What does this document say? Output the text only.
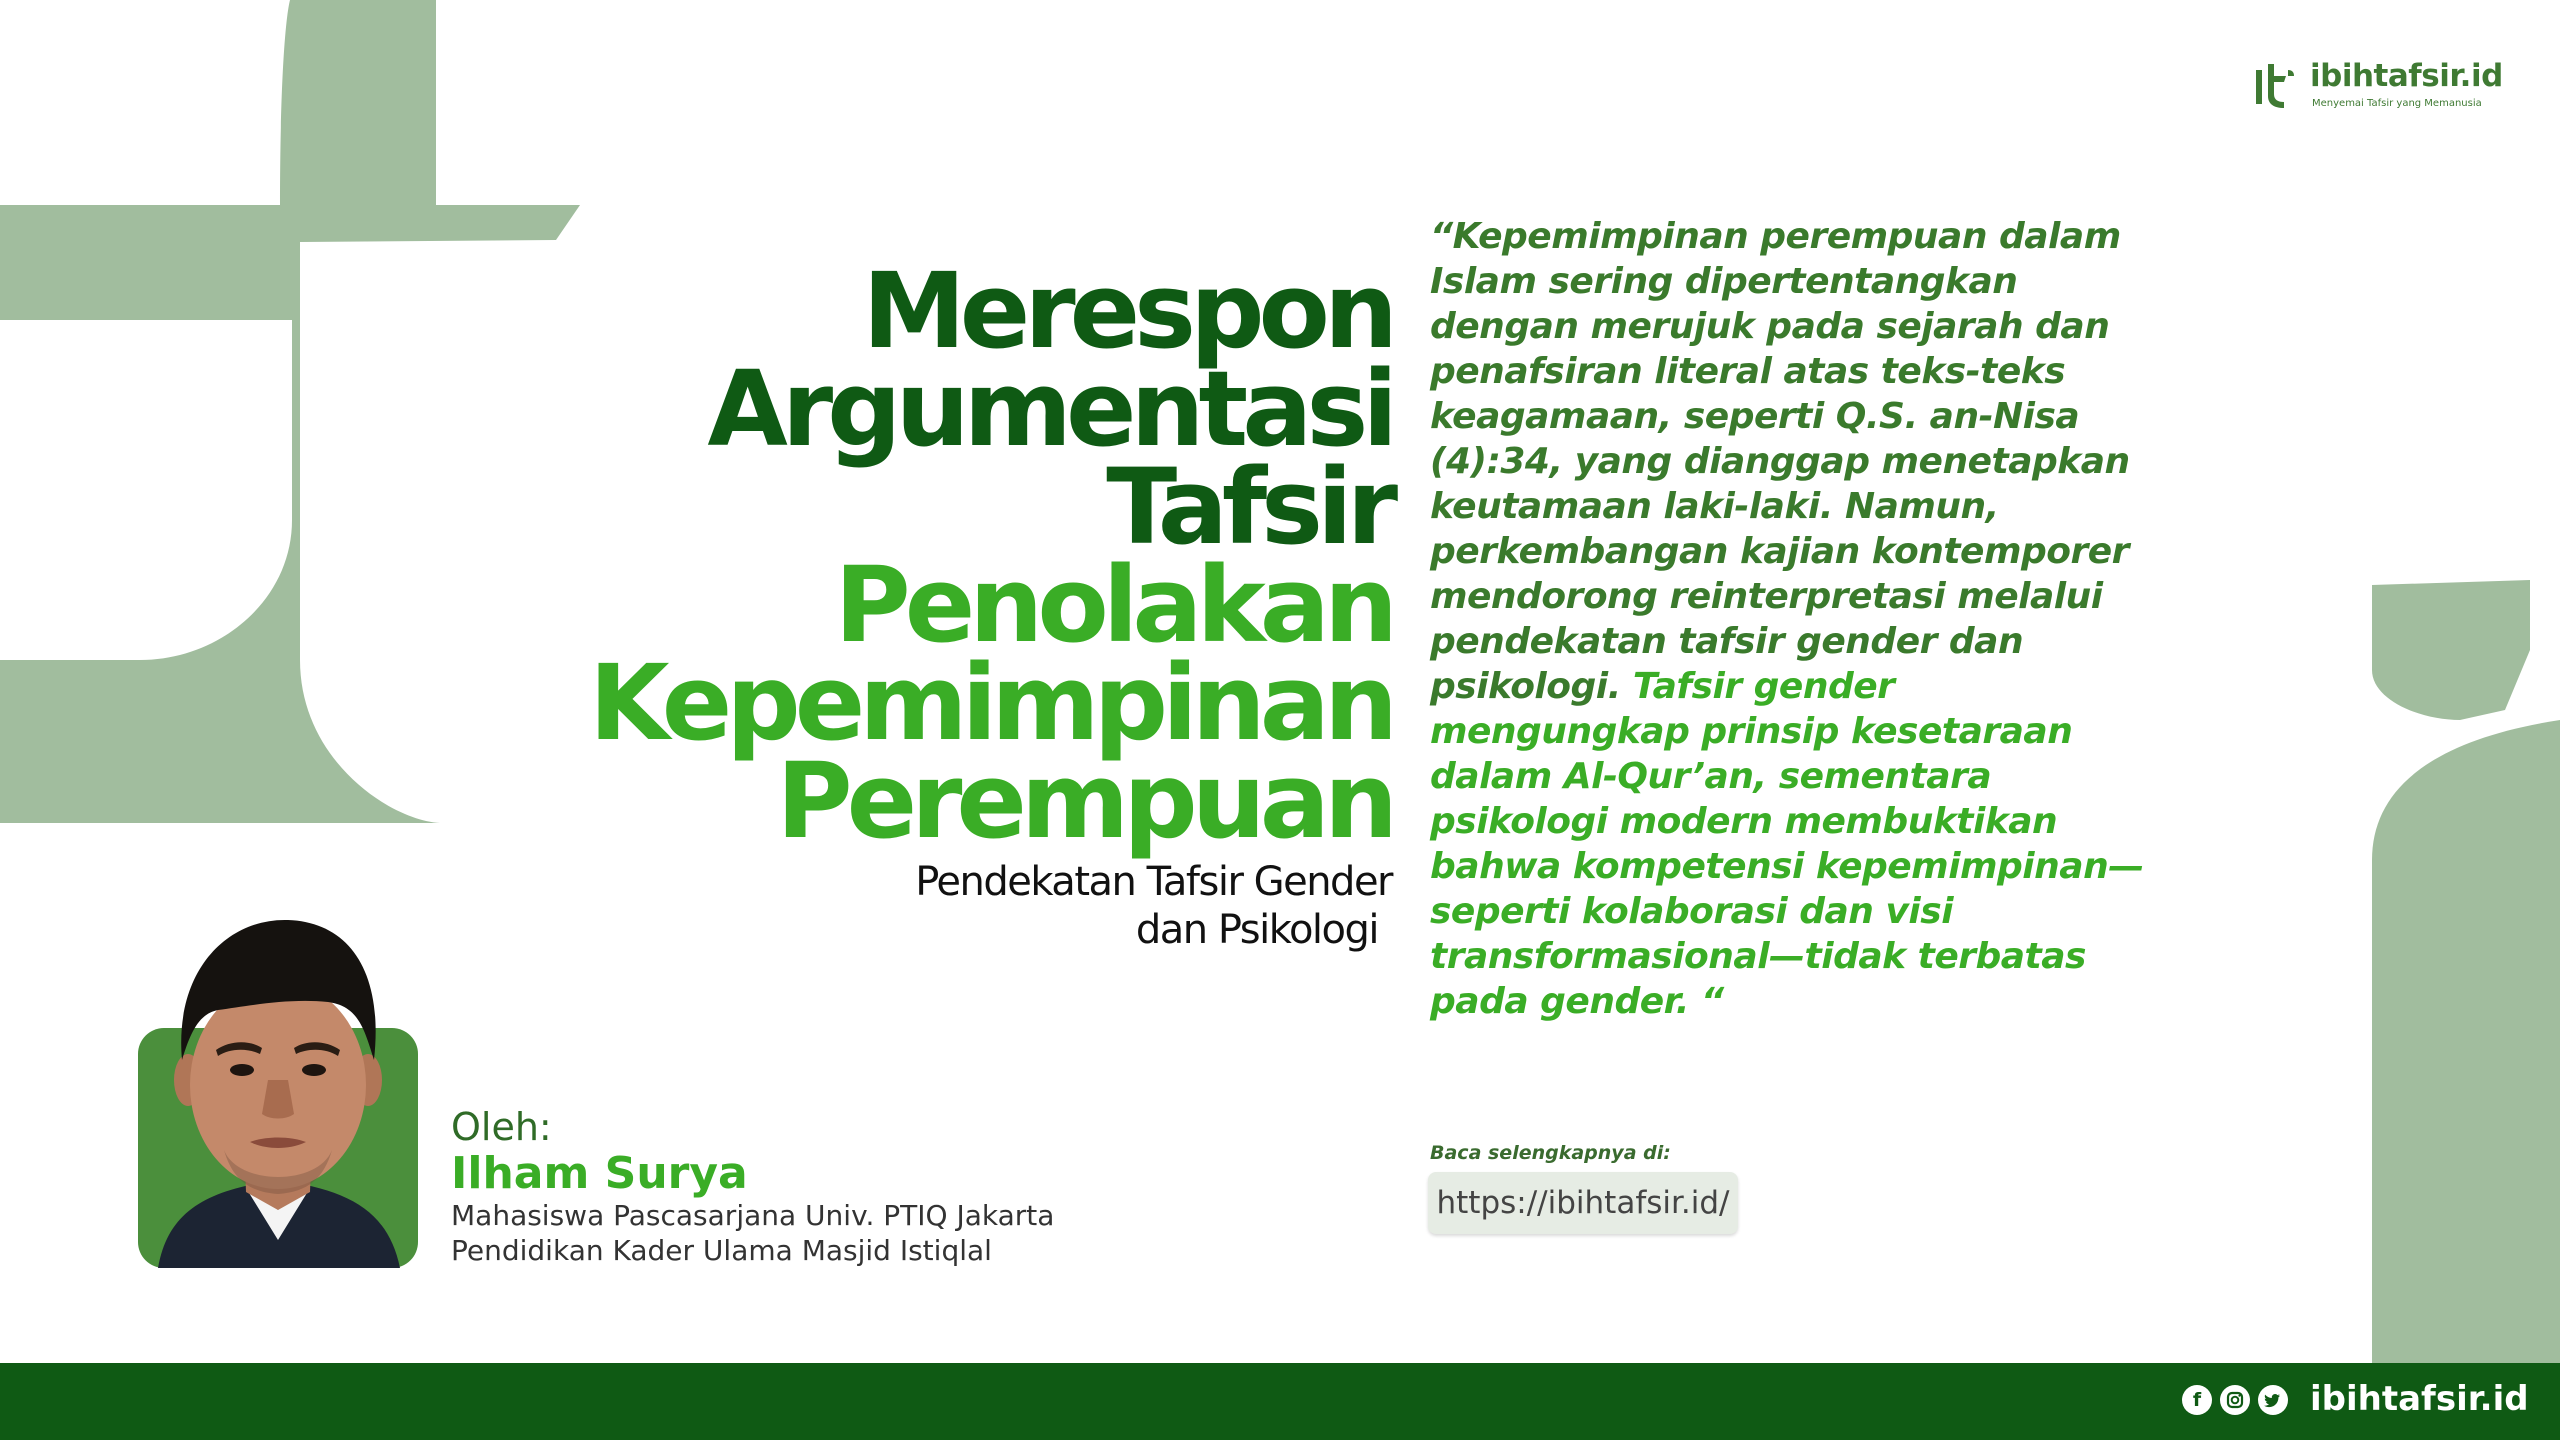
ibihtafsir.id
Menyemai Tafsir yang Memanusia
Merespon
Argumentasi
Tafsir
Penolakan
Kepemimpinan
Perempuan
Pendekatan Tafsir Gender
dan Psikologi
“Kepemimpinan perempuan dalam Islam sering dipertentangkan dengan merujuk pada sejarah dan penafsiran literal atas teks-teks keagamaan, seperti Q.S. an-Nisa (4):34, yang dianggap menetapkan keutamaan laki-laki. Namun, perkembangan kajian kontemporer mendorong reinterpretasi melalui pendekatan tafsir gender dan psikologi. Tafsir gender mengungkap prinsip kesetaraan dalam Al-Qur’an, sementara psikologi modern membuktikan bahwa kompetensi kepemimpinan—seperti kolaborasi dan visi transformasional—tidak terbatas pada gender. “
Oleh:
Ilham Surya
Mahasiswa Pascasarjana Univ. PTIQ Jakarta
Pendidikan Kader Ulama Masjid Istiqlal
Baca selengkapnya di:
https://ibihtafsir.id/
f	ibihtafsir.id
